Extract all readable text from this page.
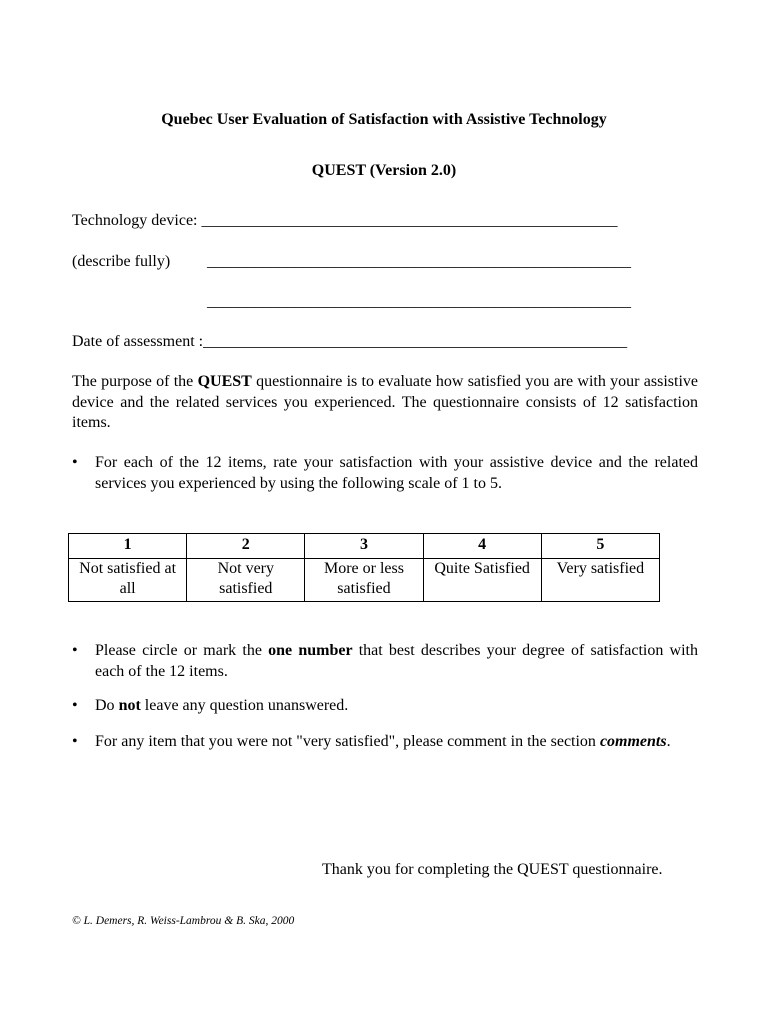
Quebec User Evaluation of Satisfaction with Assistive Technology
QUEST (Version 2.0)
Technology device: ____________________________________________________
(describe fully) _____________________________________________________
_____________________________________________________
Date of assessment :_____________________________________________________
The purpose of the QUEST questionnaire is to evaluate how satisfied you are with your assistive device and the related services you experienced. The questionnaire consists of 12 satisfaction items.
• For each of the 12 items, rate your satisfaction with your assistive device and the related services you experienced by using the following scale of 1 to 5.
1	2	3	4	5
Not satisfied at all	Not very satisfied	More or less satisfied	Quite Satisfied	Very satisfied
• Please circle or mark the one number that best describes your degree of satisfaction with each of the 12 items.
• Do not leave any question unanswered.
• For any item that you were not "very satisfied", please comment in the section comments.
Thank you for completing the QUEST questionnaire.
© L. Demers, R. Weiss-Lambrou & B. Ska, 2000
